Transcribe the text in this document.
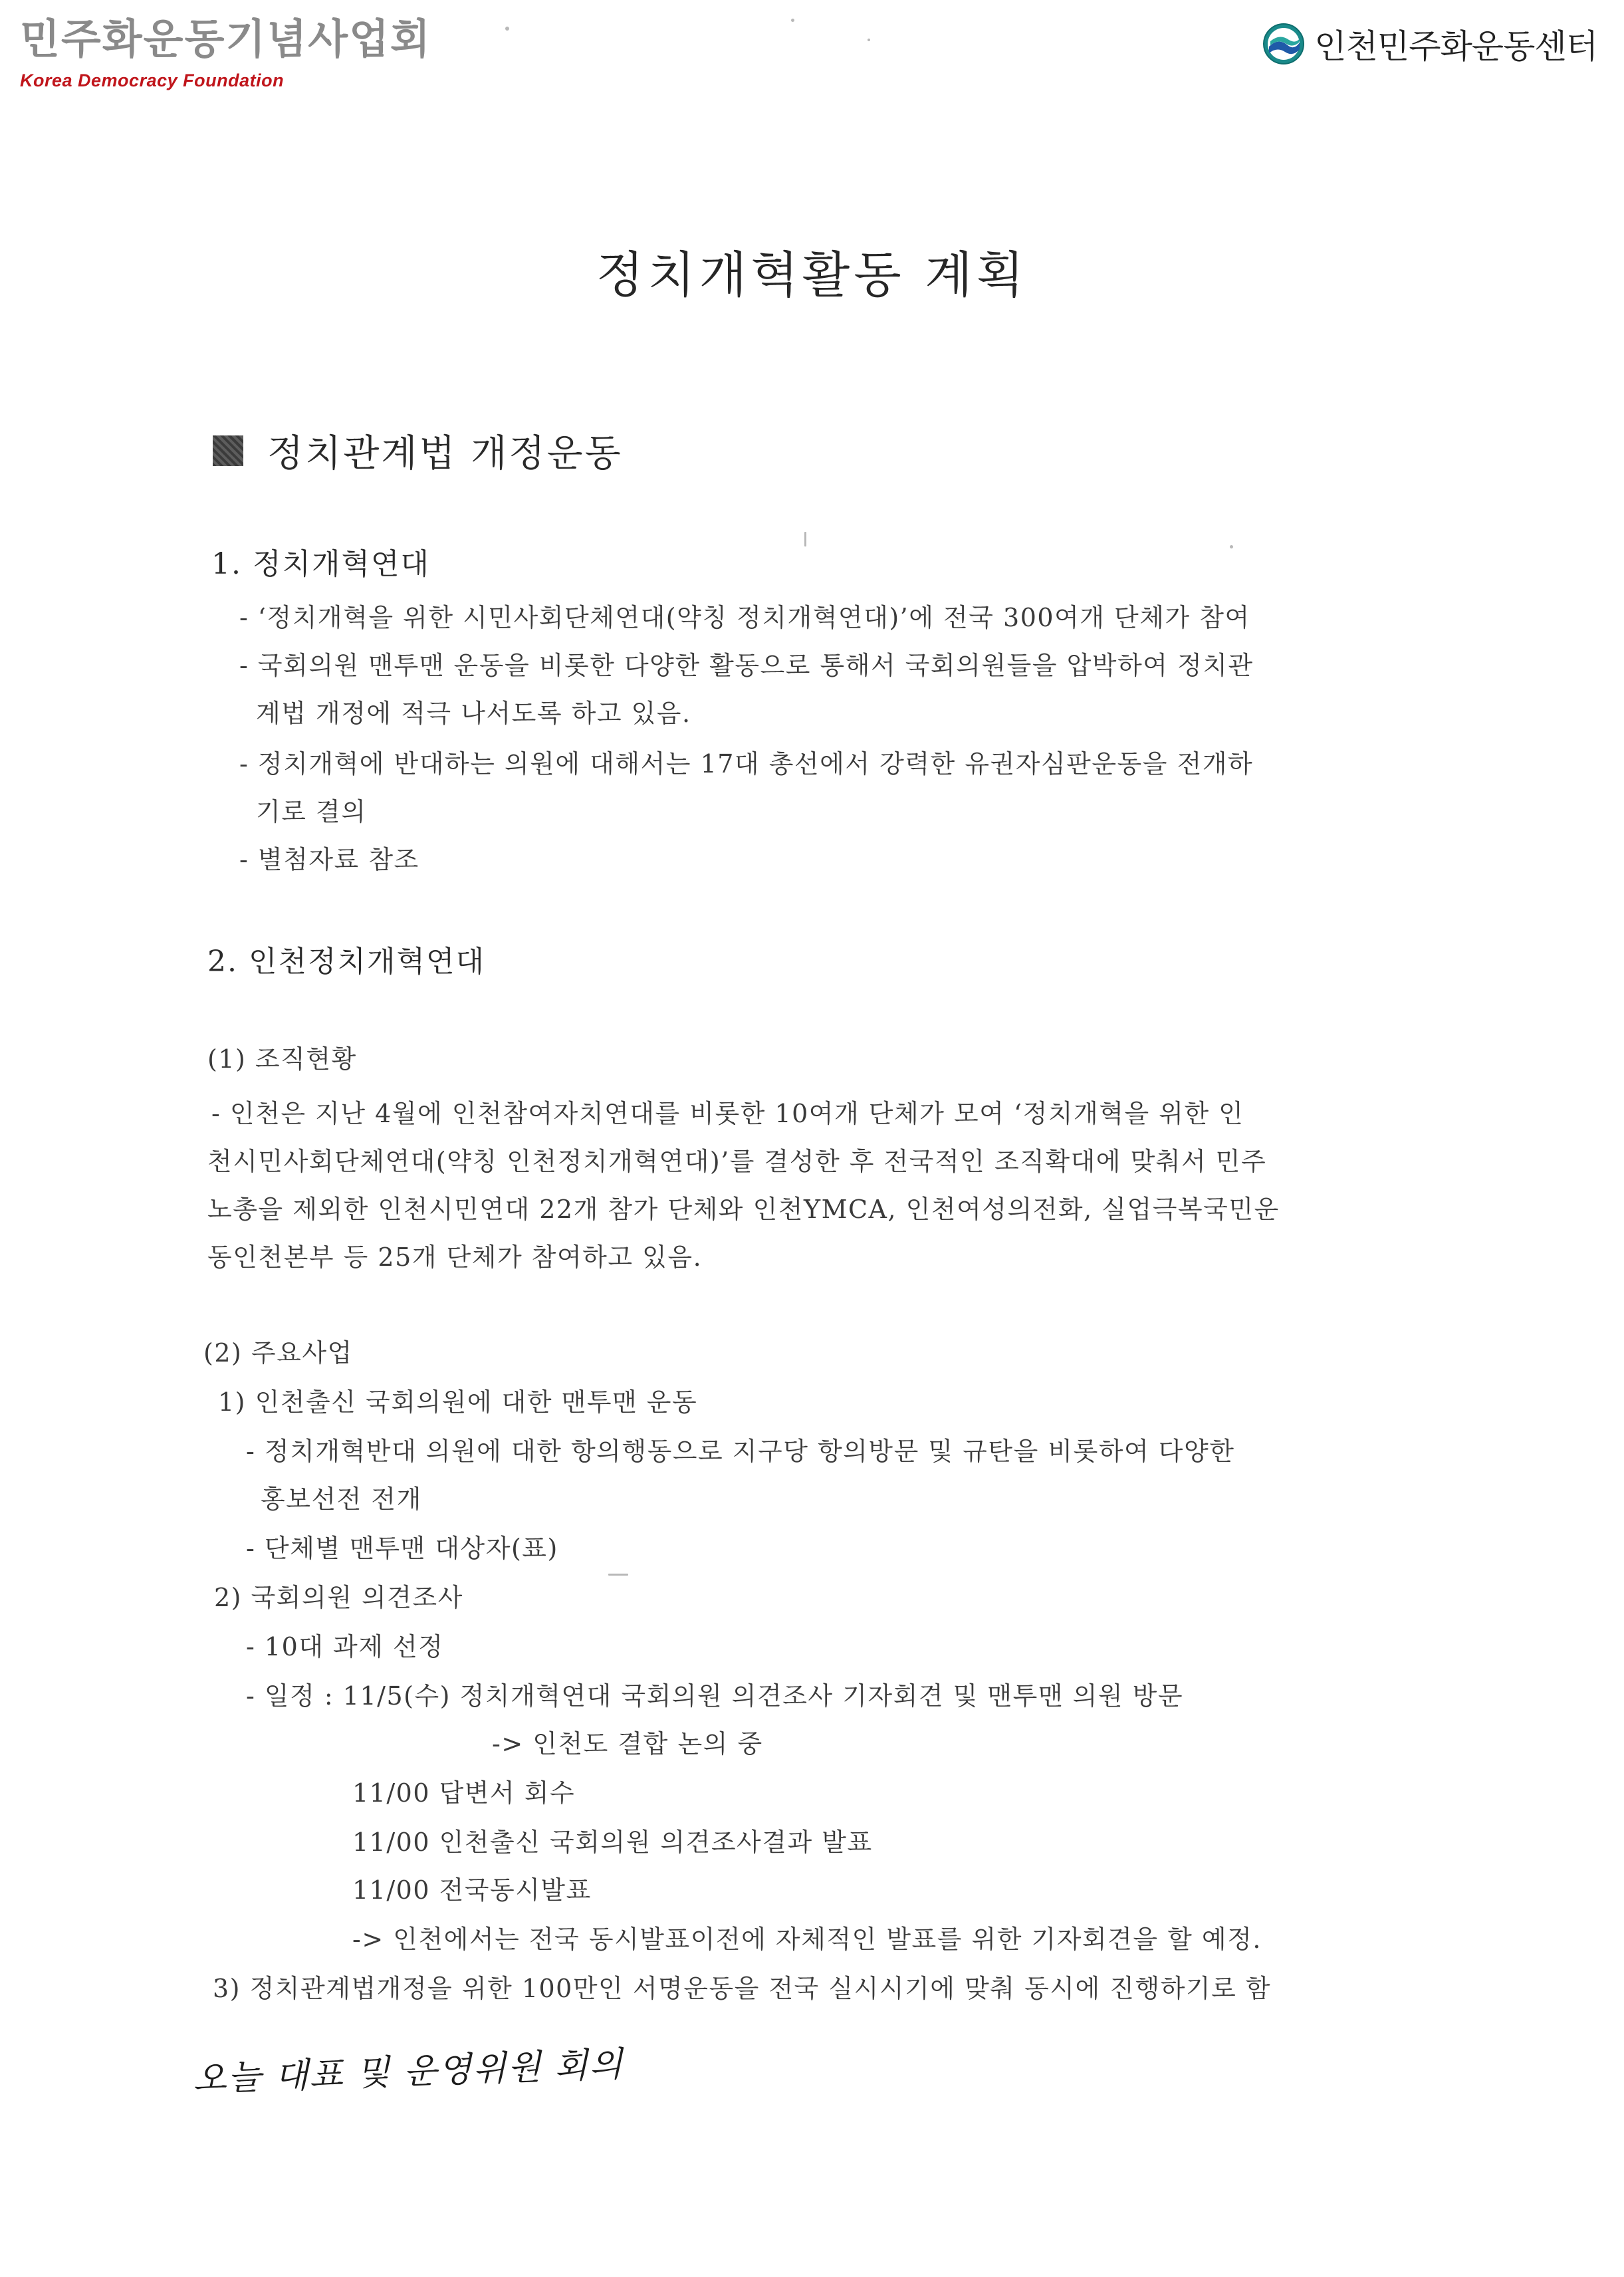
민주화운동기념사업회
Korea Democracy Foundation
인천민주화운동센터
정치개혁활동 계획
정치관계법 개정운동
1. 정치개혁연대
- ‘정치개혁을 위한 시민사회단체연대(약칭 정치개혁연대)’에 전국 300여개 단체가 참여
- 국회의원 맨투맨 운동을 비롯한 다양한 활동으로 통해서 국회의원들을 압박하여 정치관
계법 개정에 적극 나서도록 하고 있음.
- 정치개혁에 반대하는 의원에 대해서는 17대 총선에서 강력한 유권자심판운동을 전개하
기로 결의
- 별첨자료 참조
2. 인천정치개혁연대
(1) 조직현황
- 인천은 지난 4월에 인천참여자치연대를 비롯한 10여개 단체가 모여 ‘정치개혁을 위한 인
천시민사회단체연대(약칭 인천정치개혁연대)’를 결성한 후 전국적인 조직확대에 맞춰서 민주
노총을 제외한 인천시민연대 22개 참가 단체와 인천YMCA, 인천여성의전화, 실업극복국민운
동인천본부 등 25개 단체가 참여하고 있음.
(2) 주요사업
1) 인천출신 국회의원에 대한 맨투맨 운동
- 정치개혁반대 의원에 대한 항의행동으로 지구당 항의방문 및 규탄을 비롯하여 다양한
홍보선전 전개
- 단체별 맨투맨 대상자(표)
2) 국회의원 의견조사
- 10대 과제 선정
- 일정 : 11/5(수) 정치개혁연대 국회의원 의견조사 기자회견 및 맨투맨 의원 방문
-> 인천도 결합 논의 중
11/00 답변서 회수
11/00 인천출신 국회의원 의견조사결과 발표
11/00 전국동시발표
-> 인천에서는 전국 동시발표이전에 자체적인 발표를 위한 기자회견을 할 예정.
3) 정치관계법개정을 위한 100만인 서명운동을 전국 실시시기에 맞춰 동시에 진행하기로 함
오늘 대표 및 운영위원 회의
